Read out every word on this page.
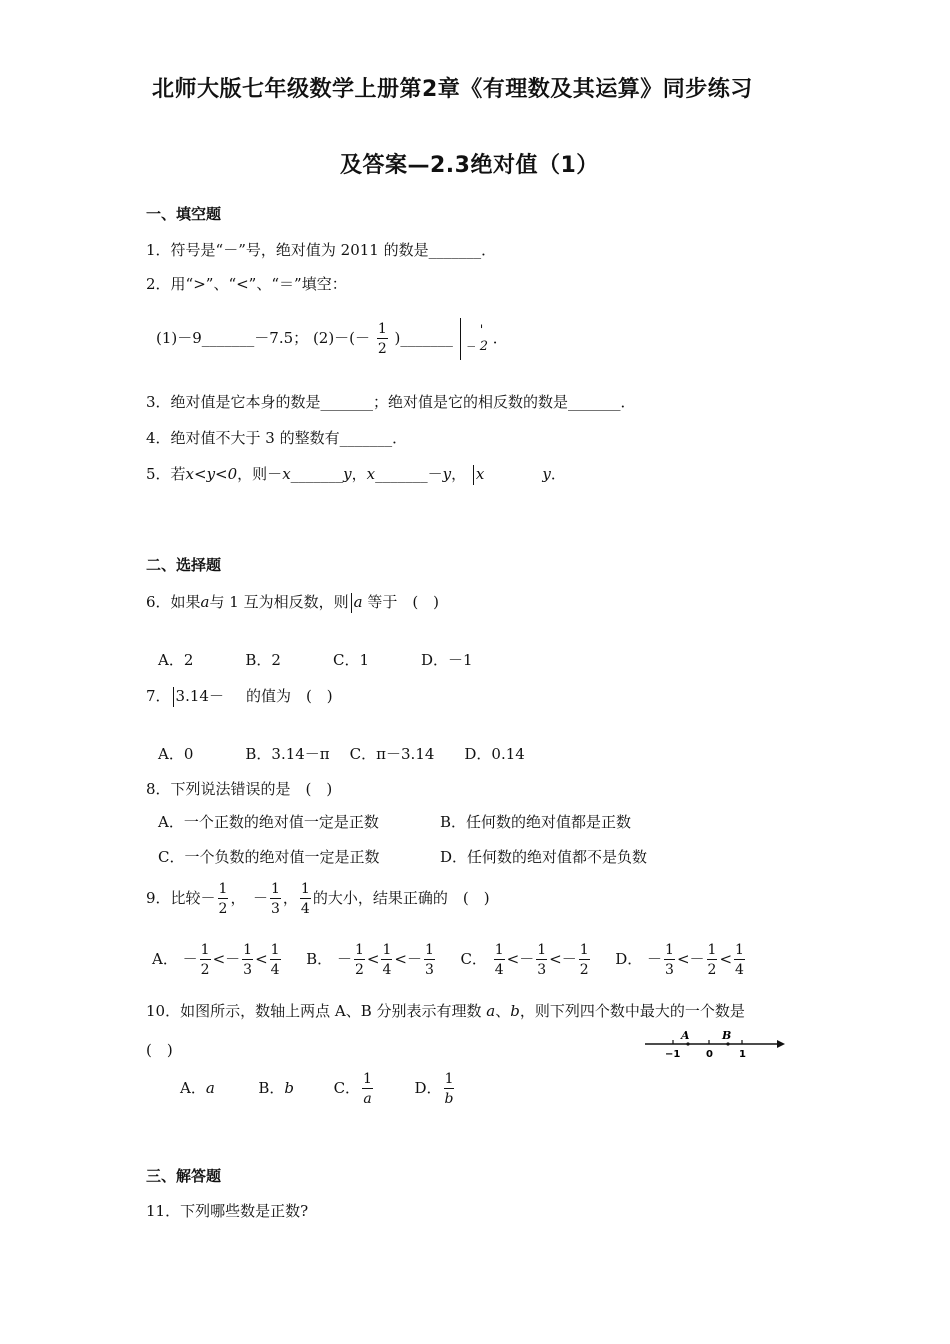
北师大版七年级数学上册第2章《有理数及其运算》同步练习
及答案—2.3绝对值（1）
一、填空题
1．符号是“－”号，绝对值为 2011 的数是_______．
2．用“>”、“<”、“＝”填空：
(1)－9_______－7.5； $(2)-(- \frac{1}{2}$ )_______ _ '
2 ．
3．绝对值是它本身的数是_______；绝对值是它的相反数的数是_______．
4．绝对值不大于 3 的整数有_______．
5．若x<y<0，则－x_______y，x_______－y， x	y．
二、选择题
6．如果a与 1 互为相反数，则 a 等于　(　)
A．2	B．2	C．1	D．－1
7． 3.14－ 的值为　(　)
A．0	B．3.14－π C．π－3.14 D．0.14
8．下列说法错误的是　(　)
A．一个正数的绝对值一定是正数	B．任何数的绝对值都是正数
C．一个负数的绝对值一定是正数	D．任何数的绝对值都不是负数
9．比较－ $\frac{1}{2}$ ，　－ $\frac{1}{3}$ ， $\frac{1}{4}$ 的大小，结果正确的　(　)
A． － $\frac{1}{2} <- \frac{1}{3} < \frac{1}{4}$ B． － $\frac{1}{2} < \frac{1}{4} <- \frac{1}{3}$ C． $\frac{1}{4} <- \frac{1}{3} <- \frac{1}{2}$ D． － $\frac{1}{3} <- \frac{1}{2} < \frac{1}{4}$
10．如图所示，数轴上两点 A、B 分别表示有理数 a、b，则下列四个数中最大的一个数是
(　)
A	B
−1	0	1
A．a	B．b	C． $\frac{1}{a}$	D． $\frac{1}{b}$
三、解答题
11．下列哪些数是正数?
